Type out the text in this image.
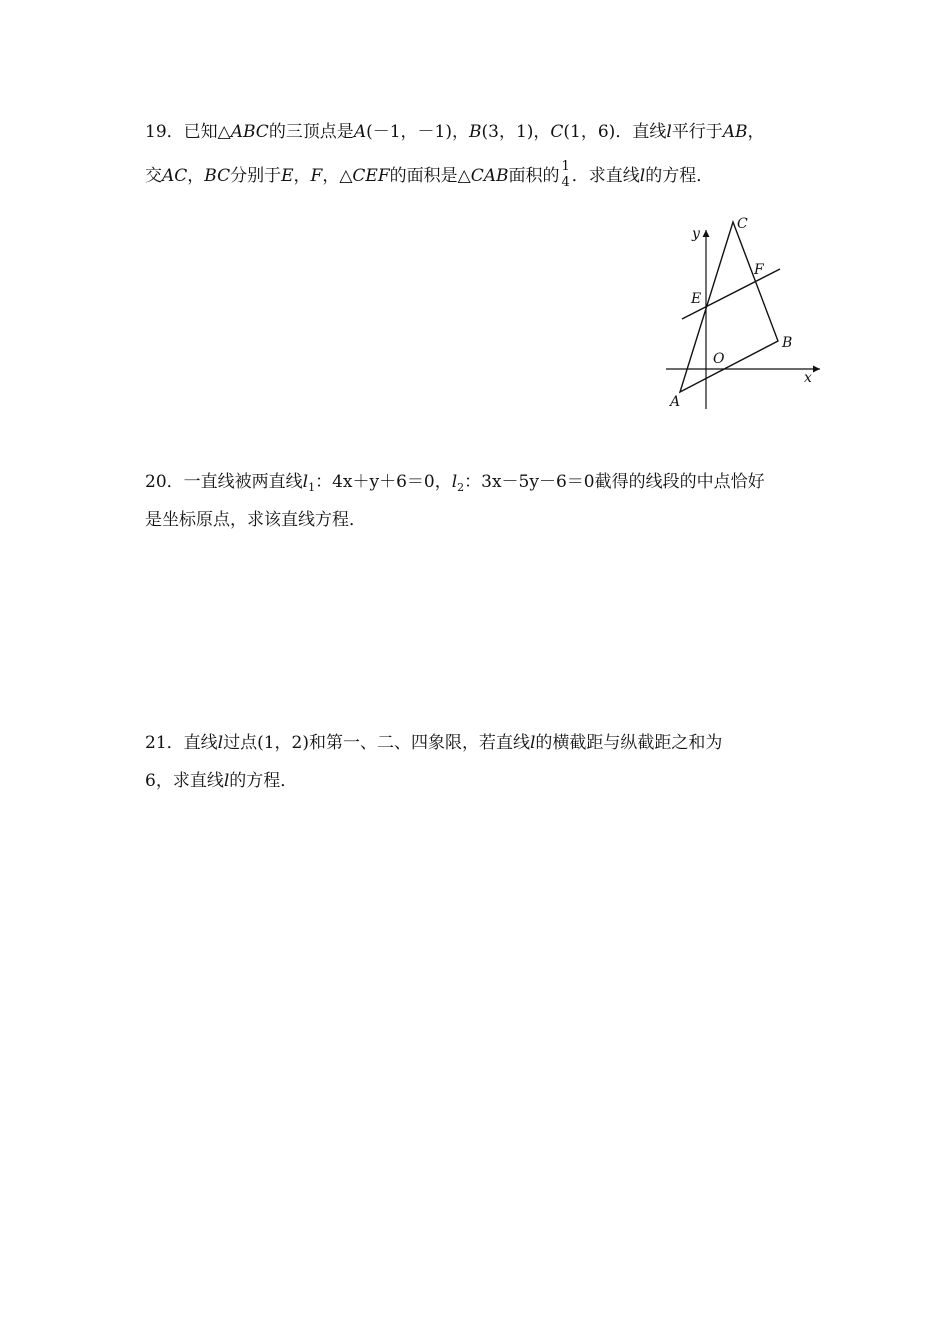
19．已知△ABC的三顶点是A(－1，－1)，B(3，1)，C(1，6)．直线l平行于AB，
交AC，BC分别于E，F，△CEF的面积是△CAB面积的 1
4 ．求直线l的方程．
y
x
C
F
E
B
O
A
20．一直线被两直线$l_1$：4x＋y＋6＝0，$l_2$：3x－5y－6＝0截得的线段的中点恰好
是坐标原点，求该直线方程．
21．直线l过点(1，2)和第一、二、四象限，若直线l的横截距与纵截距之和为
6，求直线l的方程．
